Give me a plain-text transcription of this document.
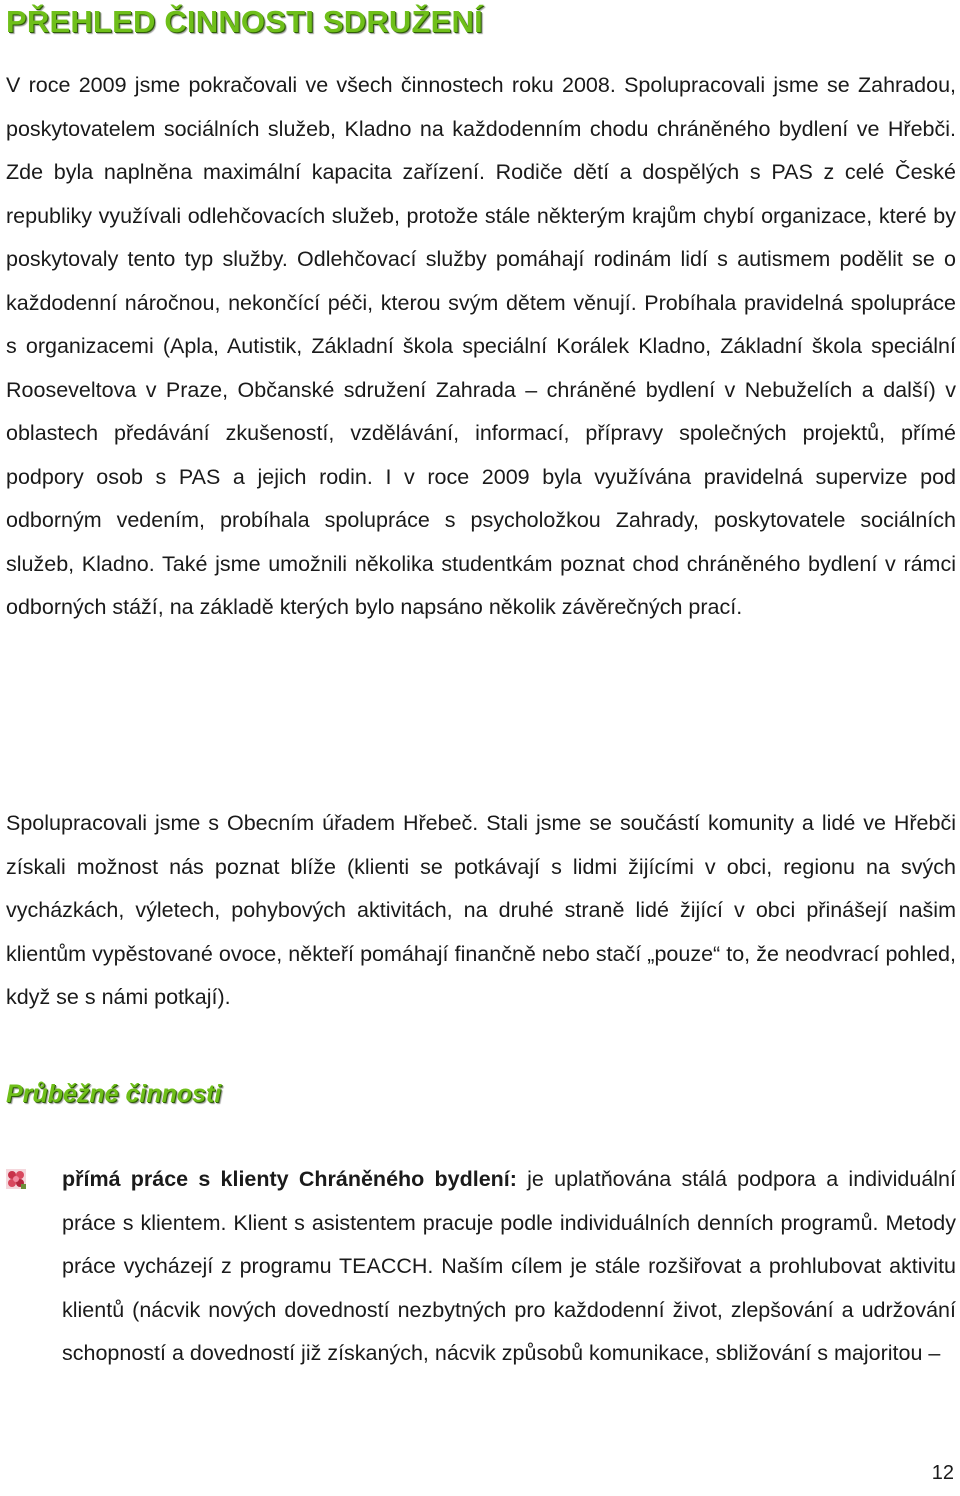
PŘEHLED ČINNOSTI SDRUŽENÍ

V roce 2009 jsme pokračovali ve všech činnostech roku 2008. Spolupracovali jsme se Zahradou, poskytovatelem sociálních služeb, Kladno na každodenním chodu chráněného bydlení ve Hřebči. Zde byla naplněna maximální kapacita zařízení. Rodiče dětí a dospělých s PAS z celé České republiky využívali odlehčovacích služeb, protože stále některým krajům chybí organizace, které by poskytovaly tento typ služby. Odlehčovací služby pomáhají rodinám lidí s autismem podělit se o každodenní náročnou, nekončící péči, kterou svým dětem věnují. Probíhala pravidelná spolupráce s organizacemi (Apla, Autistik, Základní škola speciální Korálek Kladno, Základní škola speciální Rooseveltova v Praze, Občanské sdružení Zahrada – chráněné bydlení v Nebuželích a další) v oblastech předávání zkušeností, vzdělávání, informací, přípravy společných projektů, přímé podpory osob s PAS a jejich rodin. I v roce 2009 byla využívána pravidelná supervize pod odborným vedením, probíhala spolupráce s psycholožkou Zahrady, poskytovatele sociálních služeb, Kladno. Také jsme umožnili několika studentkám poznat chod chráněného bydlení v rámci odborných stáží, na základě kterých bylo napsáno několik závěrečných prací.

Spolupracovali jsme s Obecním úřadem Hřebeč. Stali jsme se součástí komunity a lidé ve Hřebči získali možnost nás poznat blíže (klienti se potkávají s lidmi žijícími v obci, regionu na svých vycházkách, výletech, pohybových aktivitách, na druhé straně lidé žijící v obci přinášejí našim klientům vypěstované ovoce, někteří pomáhají finančně nebo stačí „pouze“ to, že neodvrací pohled, když se s námi potkají).

Průběžné činnosti

přímá práce s klienty Chráněného bydlení: je uplatňována stálá podpora a individuální práce s klientem. Klient s asistentem pracuje podle individuálních denních programů. Metody práce vycházejí z programu TEACCH. Naším cílem je stále rozšiřovat a prohlubovat aktivitu klientů (nácvik nových dovedností nezbytných pro každodenní život, zlepšování a udržování schopností a dovedností již získaných, nácvik způsobů komunikace, sbližování s majoritou –

12
